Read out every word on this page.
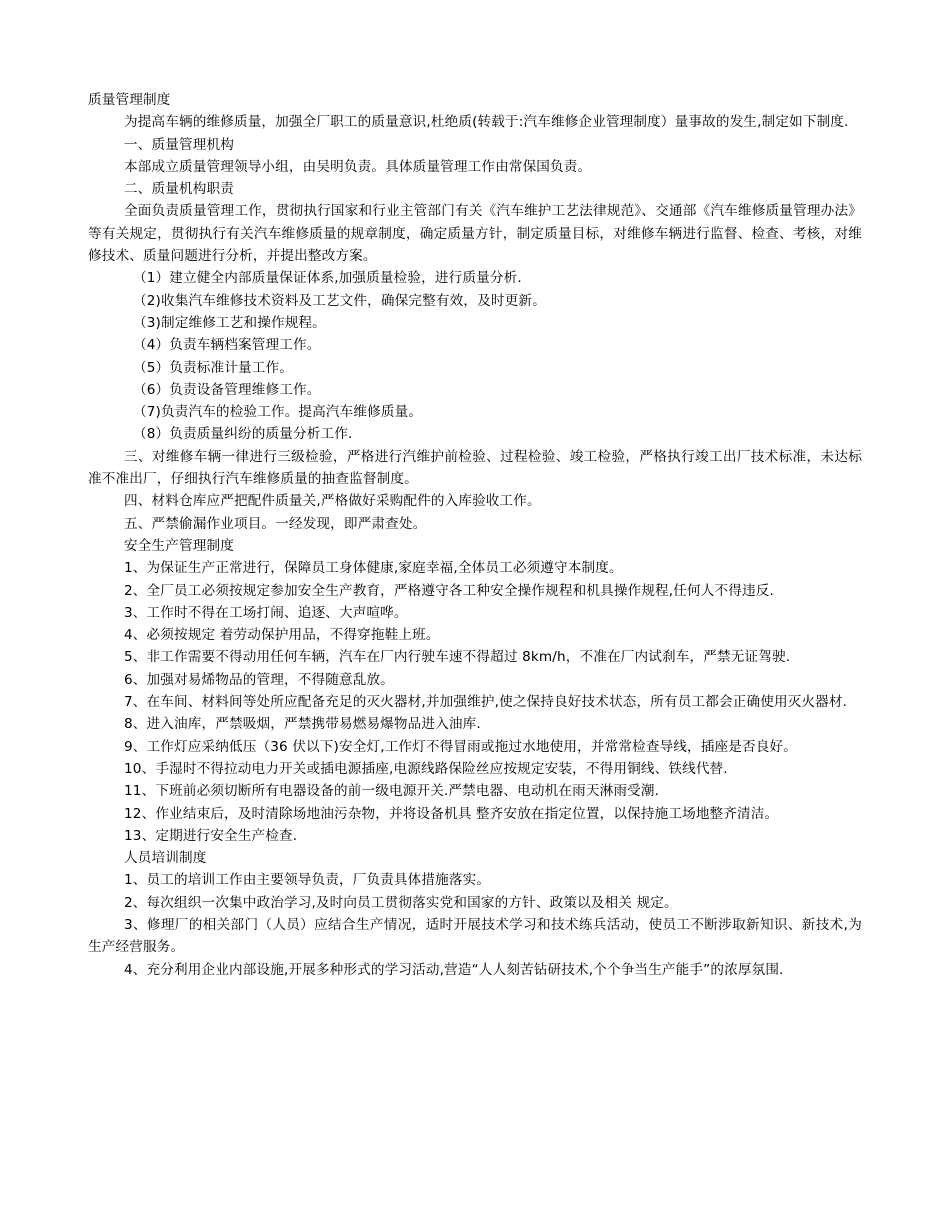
质量管理制度

为提高车辆的维修质量，加强全厂职工的质量意识,杜绝质(转载于:汽车维修企业管理制度）量事故的发生,制定如下制度.

一、质量管理机构

本部成立质量管理领导小组，由吴明负责。具体质量管理工作由常保国负责。

二、质量机构职责

全面负责质量管理工作，贯彻执行国家和行业主管部门有关《汽车维护工艺法律规范》、交通部《汽车维修质量管理办法》等有关规定，贯彻执行有关汽车维修质量的规章制度，确定质量方针，制定质量目标，对维修车辆进行监督、检查、考核，对维修技术、质量问题进行分析，并提出整改方案。

（1）建立健全内部质量保证体系,加强质量检验，进行质量分析.

（2)收集汽车维修技术资料及工艺文件，确保完整有效，及时更新。

（3)制定维修工艺和操作规程。

（4）负责车辆档案管理工作。

（5）负责标准计量工作。

（6）负责设备管理维修工作。

（7)负责汽车的检验工作。提高汽车维修质量。

（8）负责质量纠纷的质量分析工作.

三、对维修车辆一律进行三级检验，严格进行汽维护前检验、过程检验、竣工检验，严格执行竣工出厂技术标准，未达标准不准出厂，仔细执行汽车维修质量的抽查监督制度。

四、材料仓库应严把配件质量关,严格做好采购配件的入库验收工作。

五、严禁偷漏作业项目。一经发现，即严肃查处。

安全生产管理制度

1、为保证生产正常进行，保障员工身体健康,家庭幸福,全体员工必须遵守本制度。

2、全厂员工必须按规定参加安全生产教育，严格遵守各工种安全操作规程和机具操作规程,任何人不得违反.

3、工作时不得在工场打闹、追逐、大声喧哗。

4、必须按规定 着劳动保护用品，不得穿拖鞋上班。

5、非工作需要不得动用任何车辆，汽车在厂内行驶车速不得超过 8km/h，不准在厂内试刹车，严禁无证驾驶.

6、加强对易烯物品的管理，不得随意乱放。

7、在车间、材料间等处所应配备充足的灭火器材,并加强维护,使之保持良好技术状态，所有员工都会正确使用灭火器材.

8、进入油库，严禁吸烟，严禁携带易燃易爆物品进入油库.

9、工作灯应采纳低压（36 伏以下)安全灯,工作灯不得冒雨或拖过水地使用，并常常检查导线，插座是否良好。

10、手湿时不得拉动电力开关或插电源插座,电源线路保险丝应按规定安装，不得用铜线、铁线代替.

11、下班前必须切断所有电器设备的前一级电源开关.严禁电器、电动机在雨天淋雨受潮.

12、作业结束后，及时清除场地油污杂物，并将设备机具 整齐安放在指定位置，以保持施工场地整齐清洁。

13、定期进行安全生产检查.

人员培训制度

1、员工的培训工作由主要领导负责，厂负责具体措施落实。

2、每次组织一次集中政治学习,及时向员工贯彻落实党和国家的方针、政策以及相关 规定。

3、修理厂的相关部门（人员）应结合生产情况，适时开展技术学习和技术练兵活动，使员工不断涉取新知识、新技术,为生产经营服务。

4、充分利用企业内部设施,开展多种形式的学习活动,营造“人人刻苦钻研技术,个个争当生产能手”的浓厚氛围.
